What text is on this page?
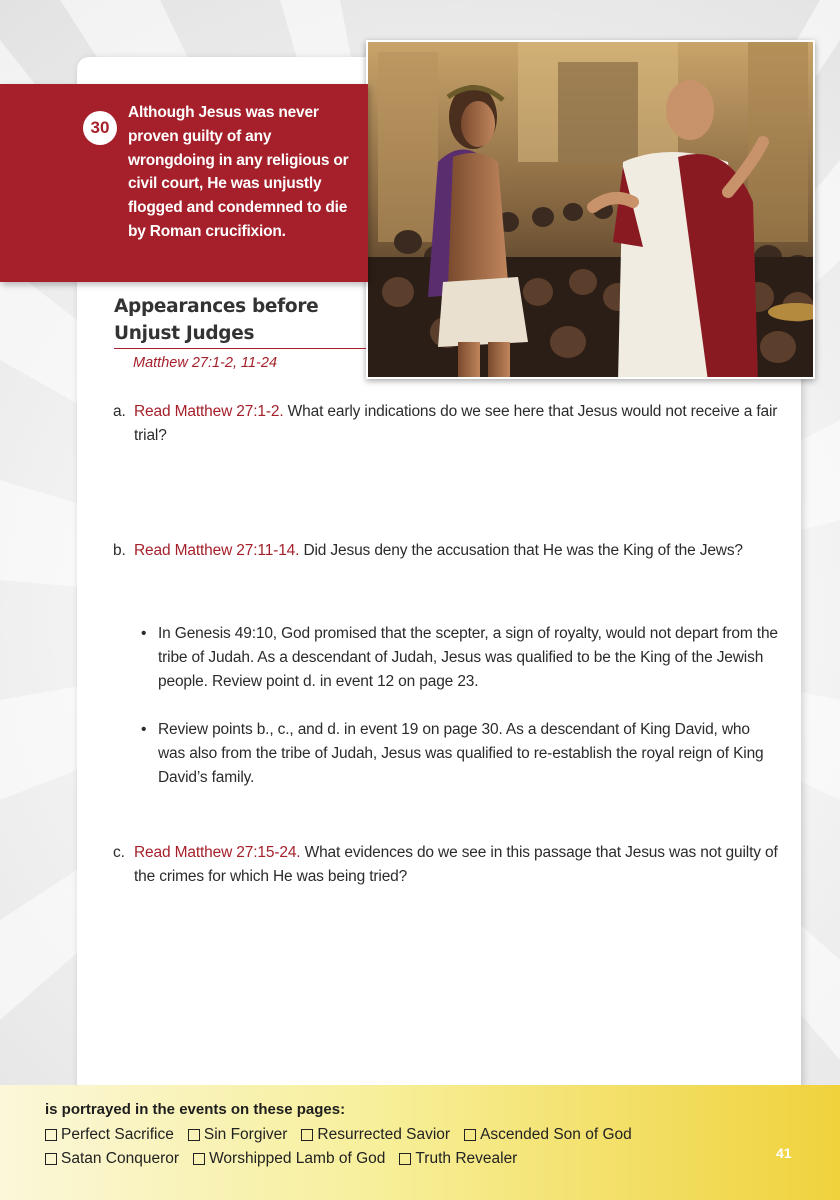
30
Although Jesus was never proven guilty of any wrongdoing in any religious or civil court, He was unjustly flogged and condemned to die by Roman crucifixion.
Appearances before Unjust Judges
Matthew 27:1-2, 11-24
a. Read Matthew 27:1-2. What early indications do we see here that Jesus would not receive a fair trial?
b. Read Matthew 27:11-14. Did Jesus deny the accusation that He was the King of the Jews?
• In Genesis 49:10, God promised that the scepter, a sign of royalty, would not depart from the tribe of Judah. As a descendant of Judah, Jesus was qualified to be the King of the Jewish people. Review point d. in event 12 on page 23.
• Review points b., c., and d. in event 19 on page 30. As a descendant of King David, who was also from the tribe of Judah, Jesus was qualified to re-establish the royal reign of King David’s family.
c. Read Matthew 27:15-24. What evidences do we see in this passage that Jesus was not guilty of the crimes for which He was being tried?
is portrayed in the events on these pages:
Perfect Sacrifice Sin Forgiver Resurrected Savior Ascended Son of God
Satan Conqueror Worshipped Lamb of God Truth Revealer	41
